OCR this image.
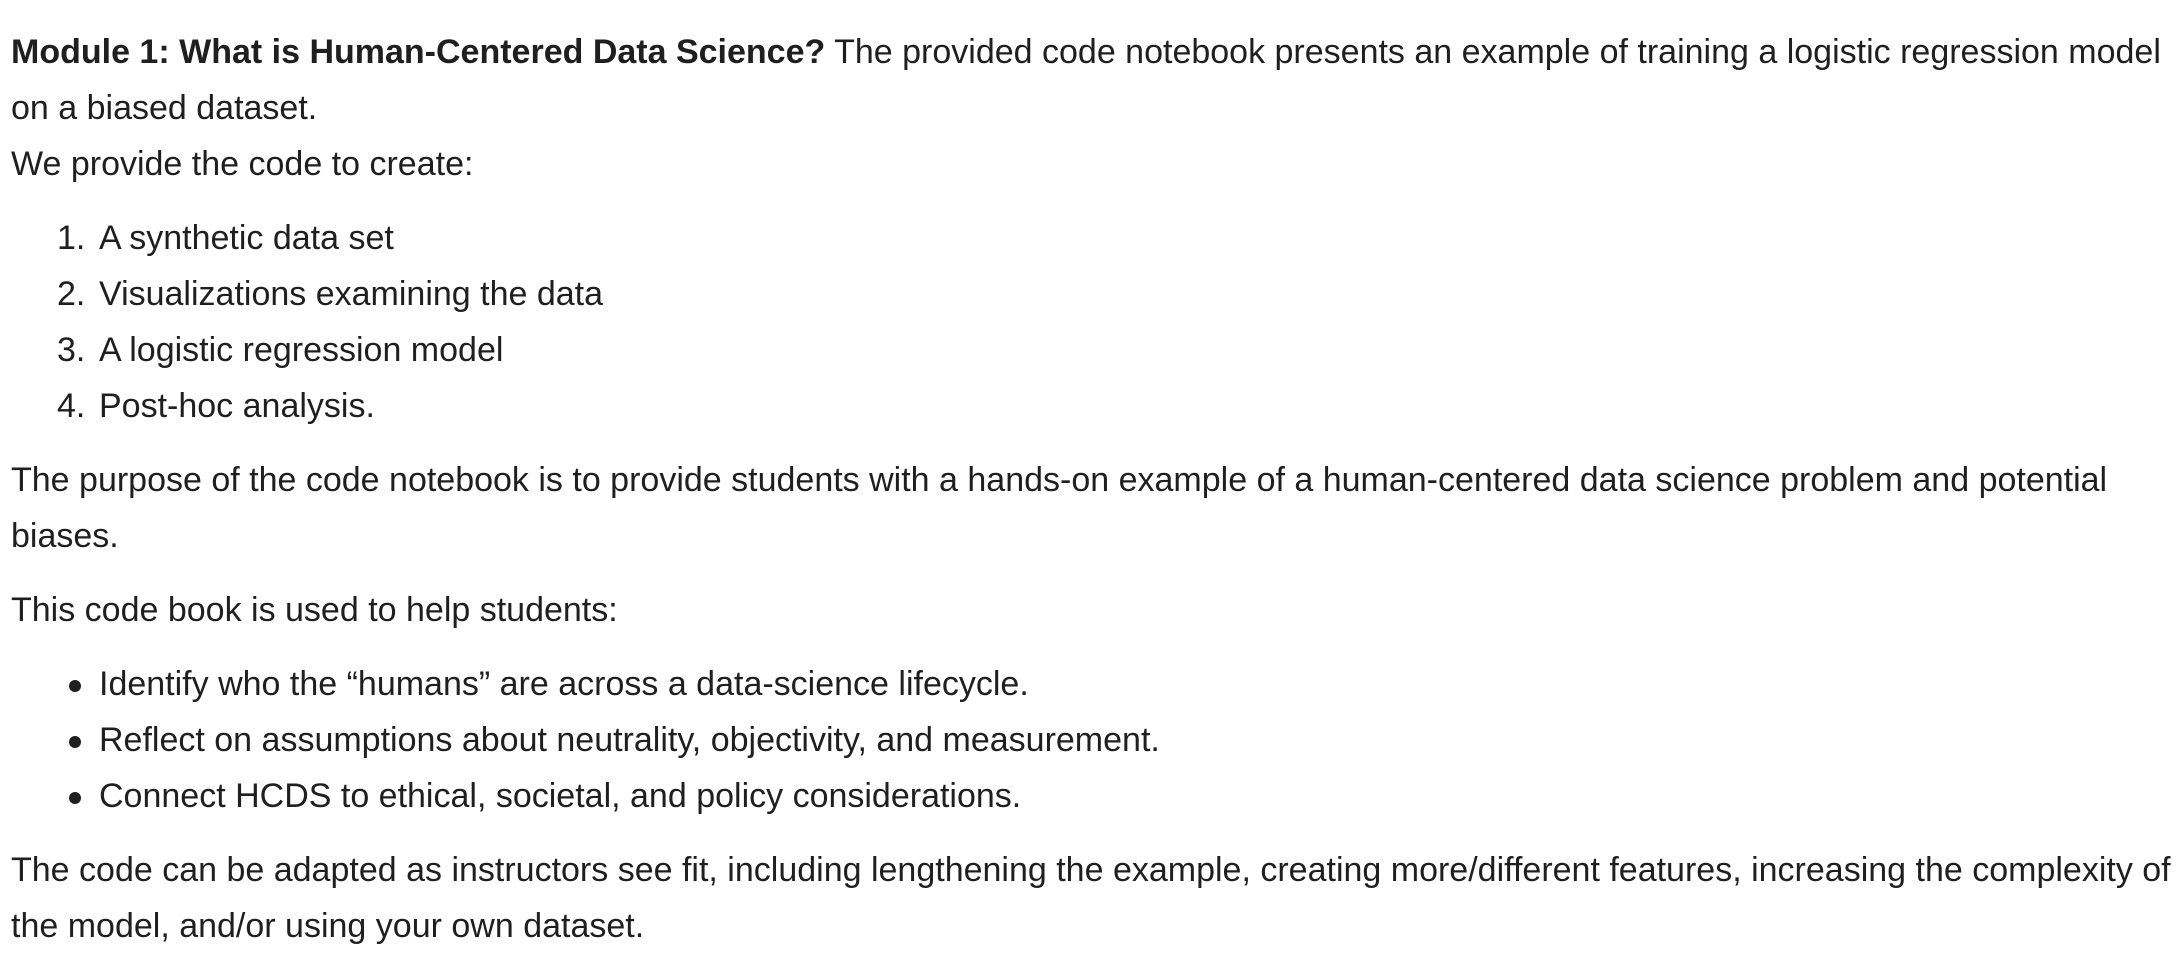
Module 1: What is Human-Centered Data Science? The provided code notebook presents an example of training a logistic regression model on a biased dataset.

We provide the code to create:

1. A synthetic data set
2. Visualizations examining the data
3. A logistic regression model
4. Post-hoc analysis.

The purpose of the code notebook is to provide students with a hands-on example of a human-centered data science problem and potential biases.

This code book is used to help students:

Identify who the “humans” are across a data-science lifecycle.
Reflect on assumptions about neutrality, objectivity, and measurement.
Connect HCDS to ethical, societal, and policy considerations.

The code can be adapted as instructors see fit, including lengthening the example, creating more/different features, increasing the complexity of the model, and/or using your own dataset.
